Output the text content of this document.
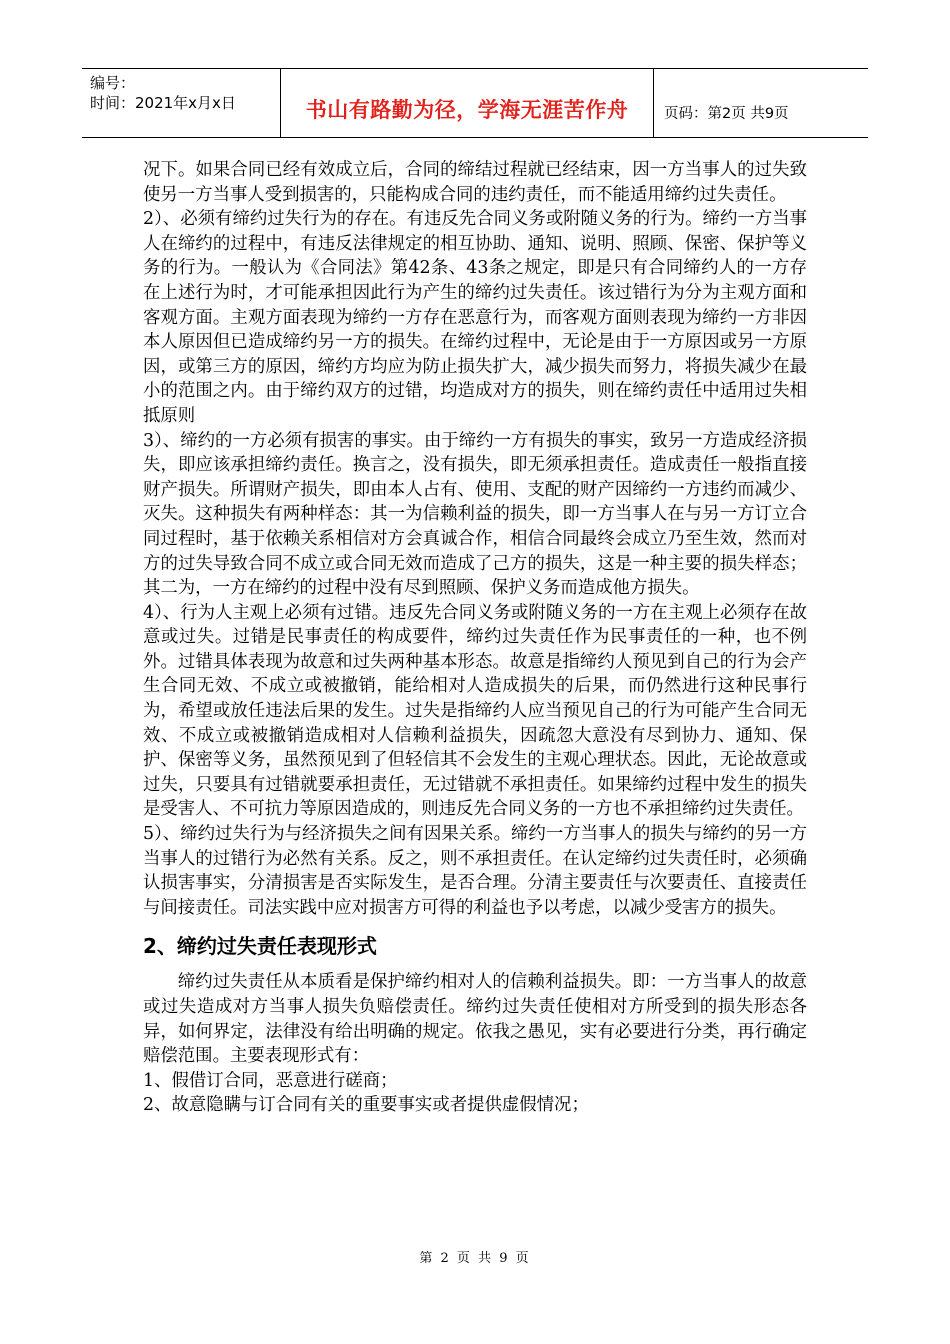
编号：
时间：2021年x月x日	书山有路勤为径，学海无涯苦作舟	页码：第2页 共9页

况下。如果合同已经有效成立后，合同的缔结过程就已经结束，因一方当事人的过失致使另一方当事人受到损害的，只能构成合同的违约责任，而不能适用缔约过失责任。

2）、必须有缔约过失行为的存在。有违反先合同义务或附随义务的行为。缔约一方当事人在缔约的过程中，有违反法律规定的相互协助、通知、说明、照顾、保密、保护等义务的行为。一般认为《合同法》第42条、43条之规定，即是只有合同缔约人的一方存在上述行为时，才可能承担因此行为产生的缔约过失责任。该过错行为分为主观方面和客观方面。主观方面表现为缔约一方存在恶意行为，而客观方面则表现为缔约一方非因本人原因但已造成缔约另一方的损失。在缔约过程中，无论是由于一方原因或另一方原因，或第三方的原因，缔约方均应为防止损失扩大，减少损失而努力，将损失减少在最小的范围之内。由于缔约双方的过错，均造成对方的损失，则在缔约责任中适用过失相抵原则

3）、缔约的一方必须有损害的事实。由于缔约一方有损失的事实，致另一方造成经济损失，即应该承担缔约责任。换言之，没有损失，即无须承担责任。造成责任一般指直接财产损失。所谓财产损失，即由本人占有、使用、支配的财产因缔约一方违约而减少、灭失。这种损失有两种样态：其一为信赖利益的损失，即一方当事人在与另一方订立合同过程时，基于依赖关系相信对方会真诚合作，相信合同最终会成立乃至生效，然而对方的过失导致合同不成立或合同无效而造成了己方的损失，这是一种主要的损失样态；其二为，一方在缔约的过程中没有尽到照顾、保护义务而造成他方损失。

4）、行为人主观上必须有过错。违反先合同义务或附随义务的一方在主观上必须存在故意或过失。过错是民事责任的构成要件，缔约过失责任作为民事责任的一种，也不例外。过错具体表现为故意和过失两种基本形态。故意是指缔约人预见到自己的行为会产生合同无效、不成立或被撤销，能给相对人造成损失的后果，而仍然进行这种民事行为，希望或放任违法后果的发生。过失是指缔约人应当预见自己的行为可能产生合同无效、不成立或被撤销造成相对人信赖利益损失，因疏忽大意没有尽到协力、通知、保护、保密等义务，虽然预见到了但轻信其不会发生的主观心理状态。因此，无论故意或过失，只要具有过错就要承担责任，无过错就不承担责任。如果缔约过程中发生的损失是受害人、不可抗力等原因造成的，则违反先合同义务的一方也不承担缔约过失责任。

5）、缔约过失行为与经济损失之间有因果关系。缔约一方当事人的损失与缔约的另一方当事人的过错行为必然有关系。反之，则不承担责任。在认定缔约过失责任时，必须确认损害事实，分清损害是否实际发生，是否合理。分清主要责任与次要责任、直接责任与间接责任。司法实践中应对损害方可得的利益也予以考虑，以减少受害方的损失。

2、缔约过失责任表现形式

缔约过失责任从本质看是保护缔约相对人的信赖利益损失。即：一方当事人的故意或过失造成对方当事人损失负赔偿责任。缔约过失责任使相对方所受到的损失形态各异，如何界定，法律没有给出明确的规定。依我之愚见，实有必要进行分类，再行确定赔偿范围。主要表现形式有：

1、假借订合同，恶意进行磋商；

2、故意隐瞒与订合同有关的重要事实或者提供虚假情况；

第 2 页 共 9 页
